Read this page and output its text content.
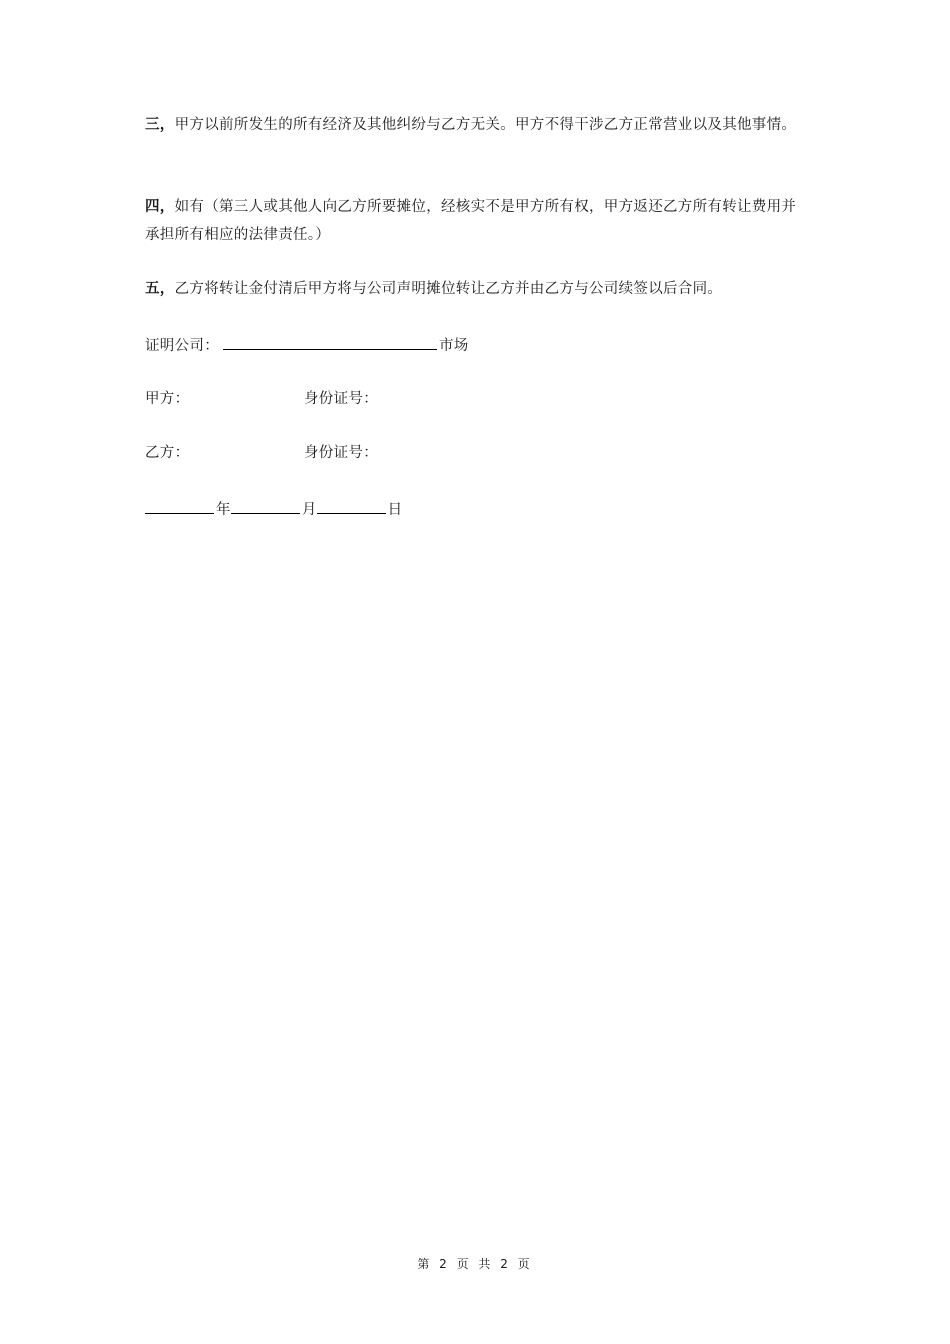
三，甲方以前所发生的所有经济及其他纠纷与乙方无关。甲方不得干涉乙方正常营业以及其他事情。

四，如有（第三人或其他人向乙方所要摊位，经核实不是甲方所有权，甲方返还乙方所有转让费用并承担所有相应的法律责任。）

五，乙方将转让金付清后甲方将与公司声明摊位转让乙方并由乙方与公司续签以后合同。

证明公司：	市场
甲方：	身份证号：
乙方：	身份证号：
年	月	日
第 2 页 共 2 页
